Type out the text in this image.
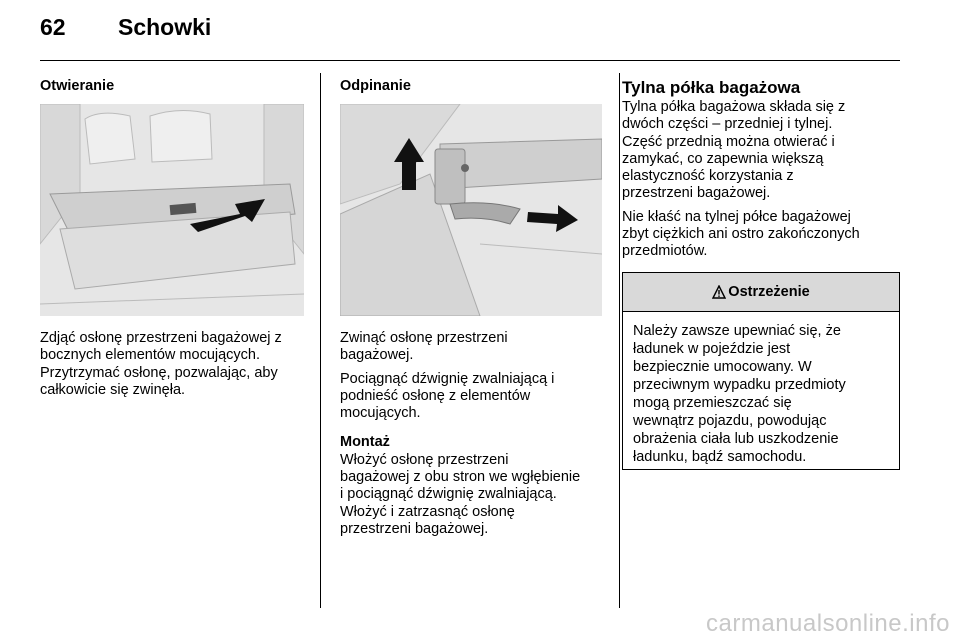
62 Schowki
Otwieranie

Zdjąć osłonę przestrzeni bagażowej z

bocznych elementów mocujących.

Przytrzymać osłonę, pozwalając, aby

całkowicie się zwinęła.

Odpinanie

Zwinąć osłonę przestrzeni

bagażowej.

Pociągnąć dźwignię zwalniającą i

podnieść osłonę z elementów

mocujących.

Montaż

Włożyć osłonę przestrzeni

bagażowej z obu stron we wgłębienie

i pociągnąć dźwignię zwalniającą.

Włożyć i zatrzasnąć osłonę

przestrzeni bagażowej.

Tylna półka bagażowa

Tylna półka bagażowa składa się z

dwóch części – przedniej i tylnej.

Część przednią można otwierać i

zamykać, co zapewnia większą

elastyczność korzystania z

przestrzeni bagażowej.

Nie kłaść na tylnej półce bagażowej

zbyt ciężkich ani ostro zakończonych

przedmiotów.

Ostrzeżenie
Należy zawsze upewniać się, że
ładunek w pojeździe jest
bezpiecznie umocowany. W
przeciwnym wypadku przedmioty
mogą przemieszczać się
wewnątrz pojazdu, powodując
obrażenia ciała lub uszkodzenie
ładunku, bądź samochodu.
carmanualsonline.info
